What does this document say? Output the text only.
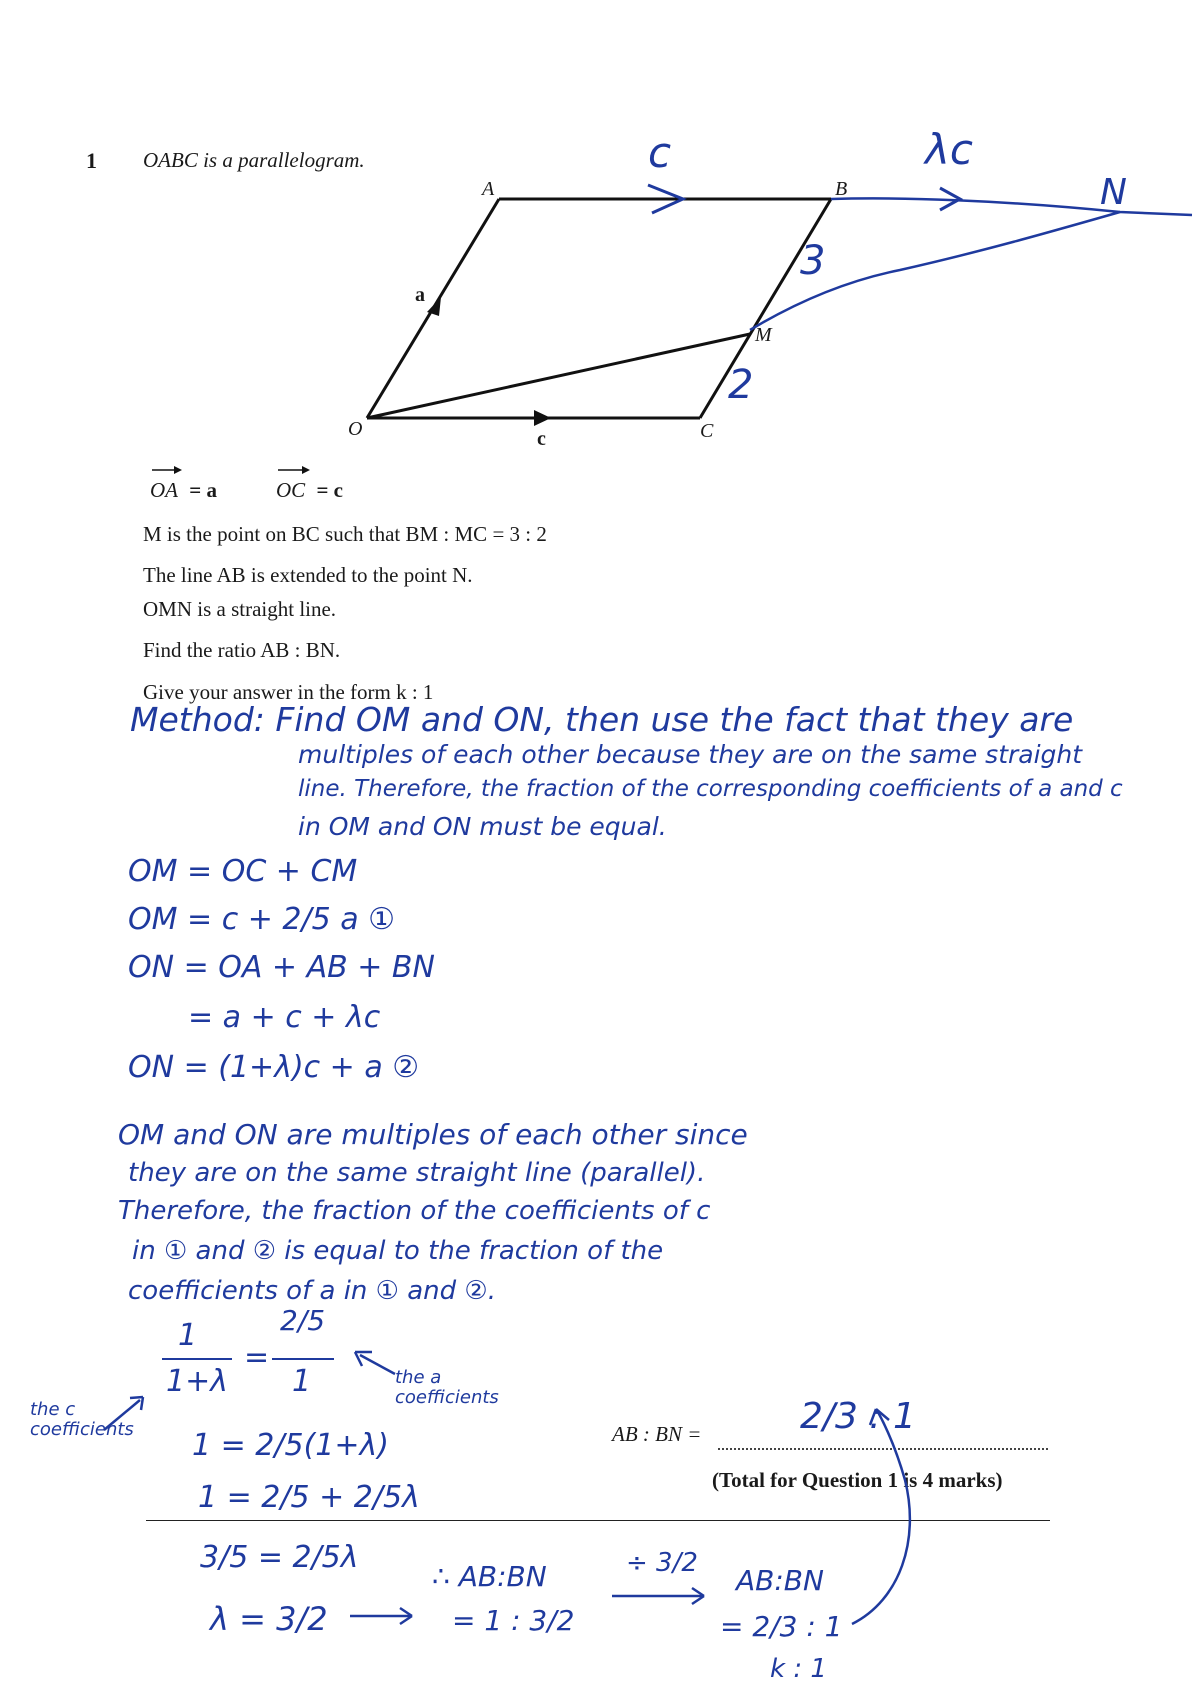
1 OABC is a parallelogram.
A	B
O	C
M
a
c
c	λc
N
3
2
OA = a	OC = c
M is the point on BC such that BM : MC = 3 : 2
The line AB is extended to the point N.
OMN is a straight line.
Find the ratio AB : BN.
Give your answer in the form k : 1
Method: Find OM and ON, then use the fact that they are
multiples of each other because they are on the same straight
line. Therefore, the fraction of the corresponding coefficients of a and c
in OM and ON must be equal.
OM = OC + CM
OM = c + 2/5 a ①
ON = OA + AB + BN
= a + c + λc
ON = (1+λ)c + a ②
OM and ON are multiples of each other since
they are on the same straight line (parallel).
Therefore, the fraction of the coefficients of c
in ① and ② is equal to the fraction of the
coefficients of a in ① and ②.
1
1+λ
=
2/5
1	the a coefficients
the c coefficients 1 = 2/5(1+λ)
1 = 2/5 + 2/5λ
AB : BN =	2/3 : 1
(Total for Question 1 is 4 marks)
3/5 = 2/5λ
λ = 3/2
∴ AB:BN
= 1 : 3/2
÷ 3/2
AB:BN
= 2/3 : 1
k : 1
